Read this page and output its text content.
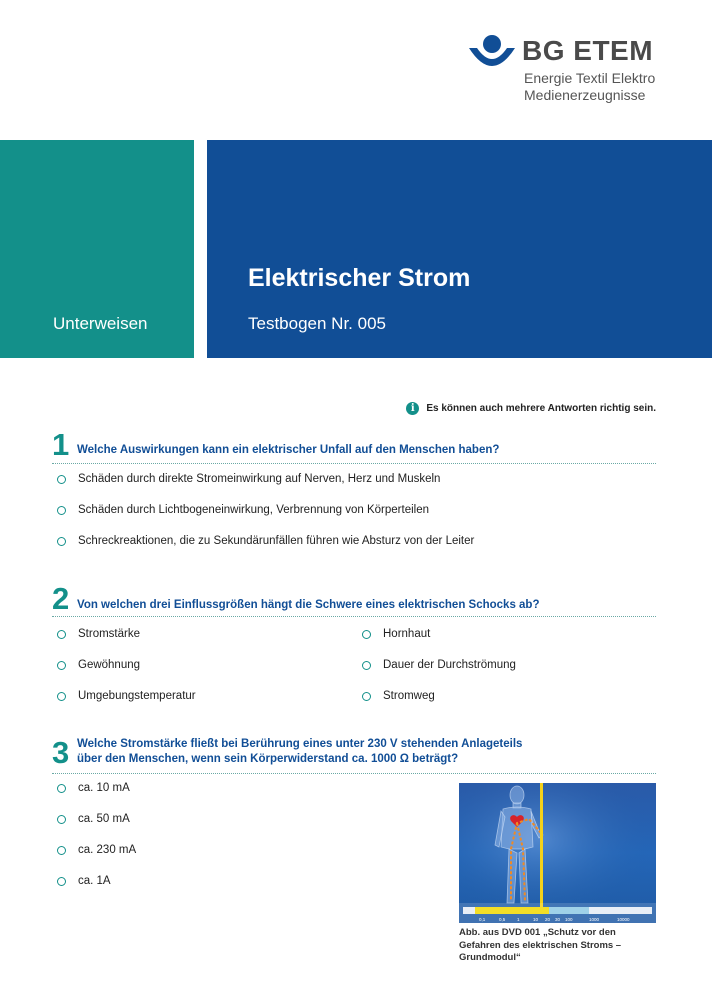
BG ETEM
Energie Textil Elektro
Medienerzeugnisse
Unterweisen
Elektrischer Strom
Testbogen Nr. 005
i	Es können auch mehrere Antworten richtig sein.
1 Welche Auswirkungen kann ein elektrischer Unfall auf den Menschen haben?
Schäden durch direkte Stromeinwirkung auf Nerven, Herz und Muskeln
Schäden durch Lichtbogeneinwirkung, Verbrennung von Körperteilen
Schreckreaktionen, die zu Sekundärunfällen führen wie Absturz von der Leiter
2 Von welchen drei Einflussgrößen hängt die Schwere eines elektrischen Schocks ab?
Stromstärke
Gewöhnung
Umgebungstemperatur
Hornhaut
Dauer der Durchströmung
Stromweg
3 Welche Stromstärke fließt bei Berührung eines unter 230 V stehenden Anlageteils
über den Menschen, wenn sein Körperwiderstand ca. 1000 Ω beträgt?
ca. 10 mA
ca. 50 mA
ca. 230 mA
ca. 1A
0,1	0,5	1	10 20 30 100	1000	10000
Abb. aus DVD 001 „Schutz vor den Gefahren des elektrischen Stroms – Grundmodul“
